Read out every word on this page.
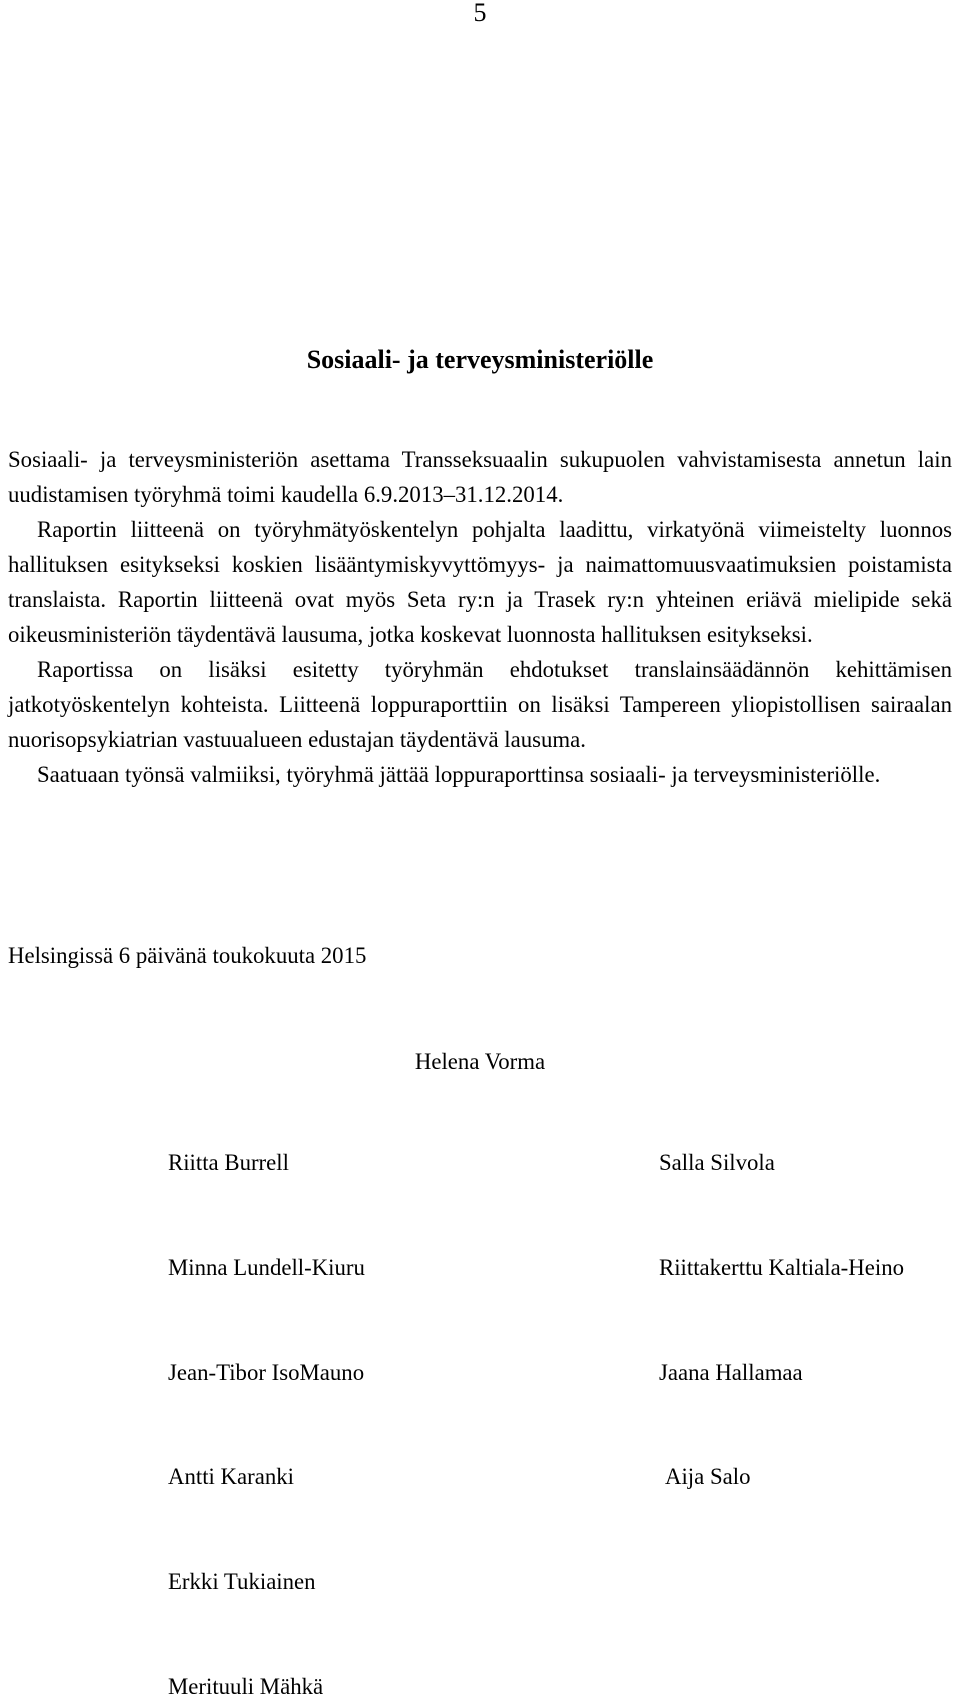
5
Sosiaali- ja terveysministeriölle

Sosiaali- ja terveysministeriön asettama Transseksuaalin sukupuolen vahvistamisesta annetun lain uudistamisen työryhmä toimi kaudella 6.9.2013–31.12.2014.

Raportin liitteenä on työryhmätyöskentelyn pohjalta laadittu, virkatyönä viimeistelty luonnos hallituksen esitykseksi koskien lisääntymiskyvyttömyys- ja naimattomuusvaatimuksien poistamista translaista. Raportin liitteenä ovat myös Seta ry:n ja Trasek ry:n yhteinen eriävä mielipide sekä oikeusministeriön täydentävä lausuma, jotka koskevat luonnosta hallituksen esitykseksi.

Raportissa on lisäksi esitetty työryhmän ehdotukset translainsäädännön kehittämisen jatkotyöskentelyn kohteista. Liitteenä loppuraporttiin on lisäksi Tampereen yliopistollisen sairaalan nuorisopsykiatrian vastuualueen edustajan täydentävä lausuma.

Saatuaan työnsä valmiiksi, työryhmä jättää loppuraporttinsa sosiaali- ja terveysministeriölle.

Helsingissä 6 päivänä toukokuuta 2015
Helena Vorma
Riitta Burrell	Salla Silvola
Minna Lundell-Kiuru	Riittakerttu Kaltiala-Heino
Jean-Tibor IsoMauno	Jaana Hallamaa
Antti Karanki	Aija Salo
Erkki Tukiainen
Merituuli Mähkä
